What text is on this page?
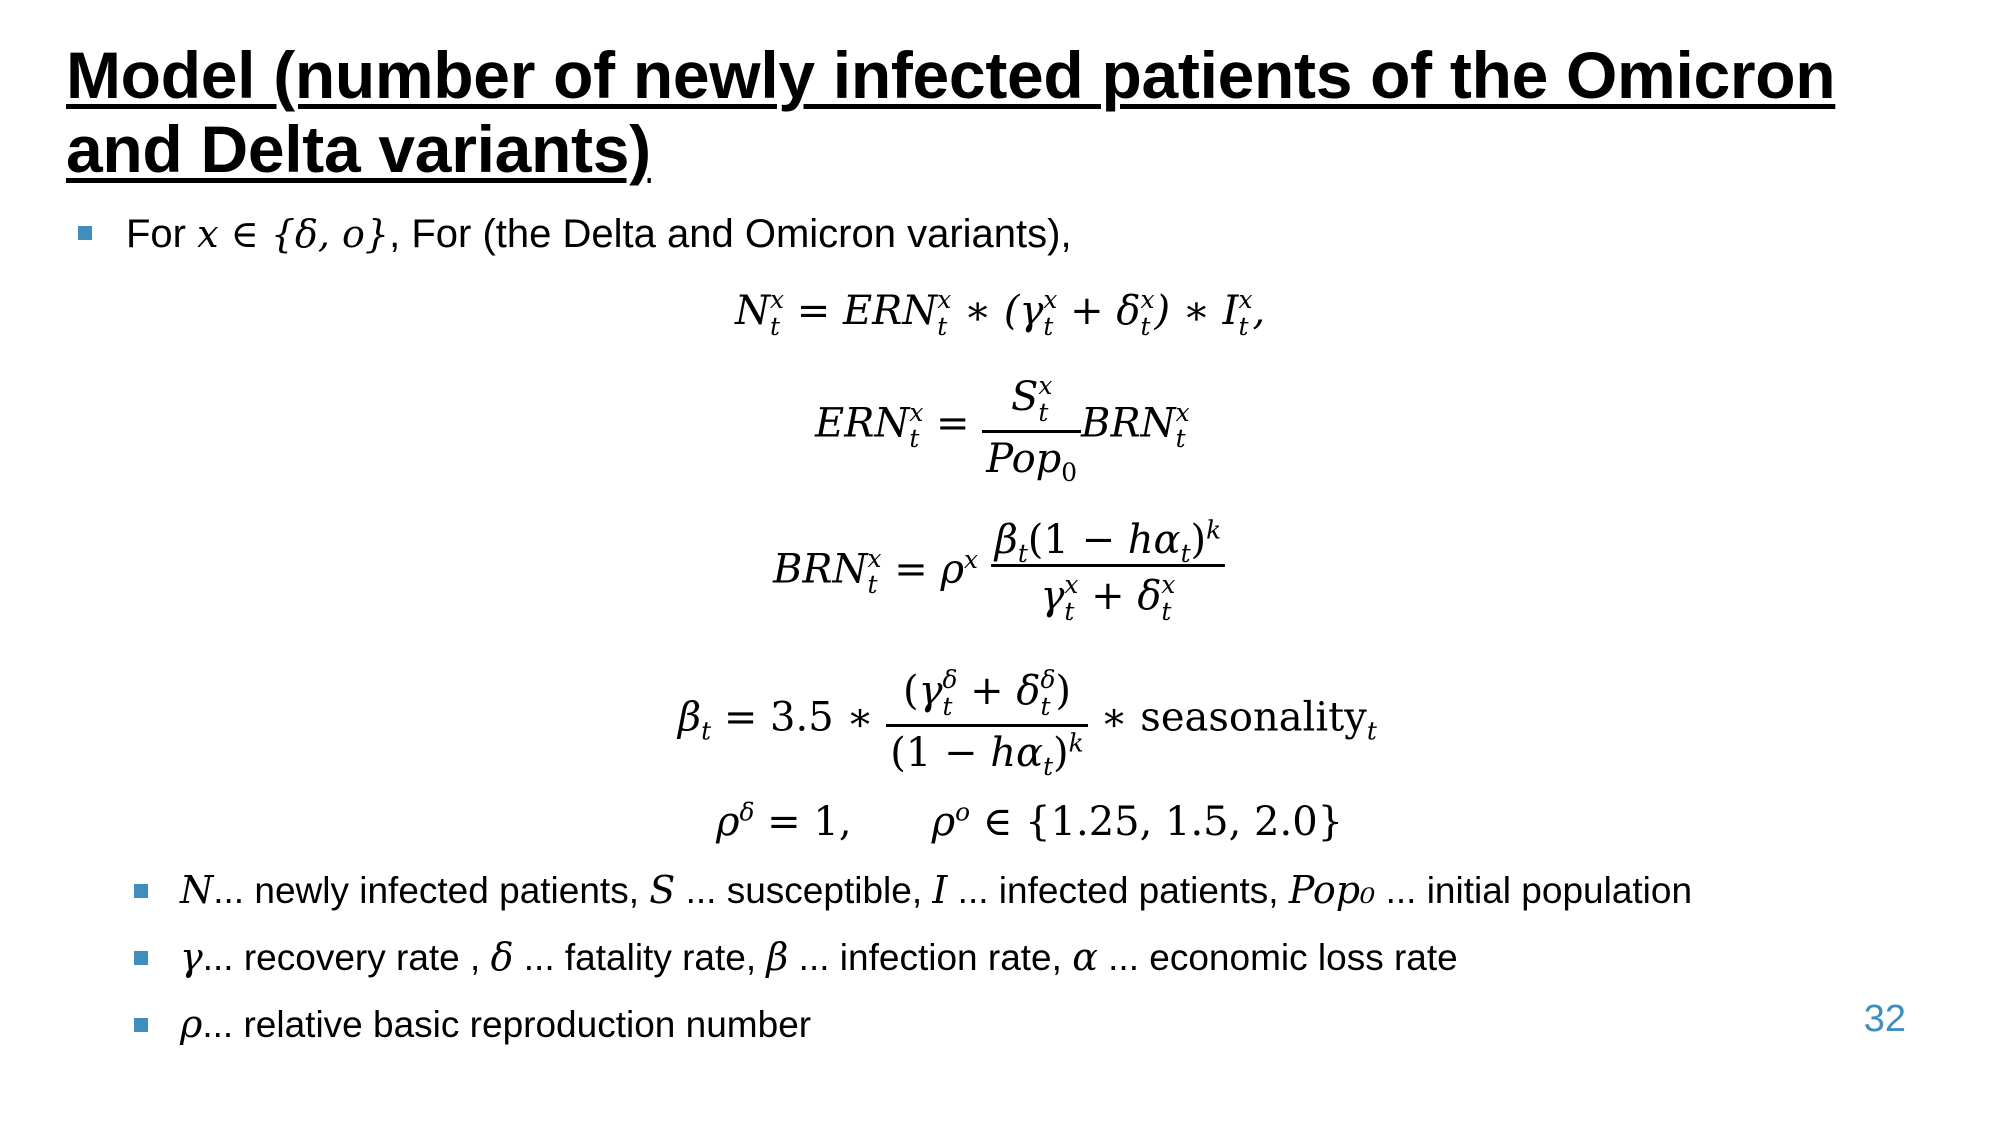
Model (number of newly infected patients of the Omicron and Delta variants)
For x ∈ {δ, o}, For (the Delta and Omicron variants),
N x
t = ERN x
t ∗ (γ x
t + δ x
t ) ∗ I x
t ,
ERN x
t = S x
t
Pop$_0$ BRN x
t
BRN x
$t = \rho^x$ $\beta_t(1 - h\alpha_t)^k$
γ x
t + δ x
t
$\beta_t = 3.5$ ∗ (γ δ
t + δ δ
t )
$(1 - h\alpha_t)^k$ ∗ seasonality$_t$
$\rho^\delta = 1$, $\rho^o$ ∈ {1.25, 1.5, 2.0}
N... newly infected patients, S ... susceptible, I ... infected patients, Pop₀ ... initial population
γ... recovery rate , δ ... fatality rate, β ... infection rate, α ... economic loss rate
ρ... relative basic reproduction number	32
